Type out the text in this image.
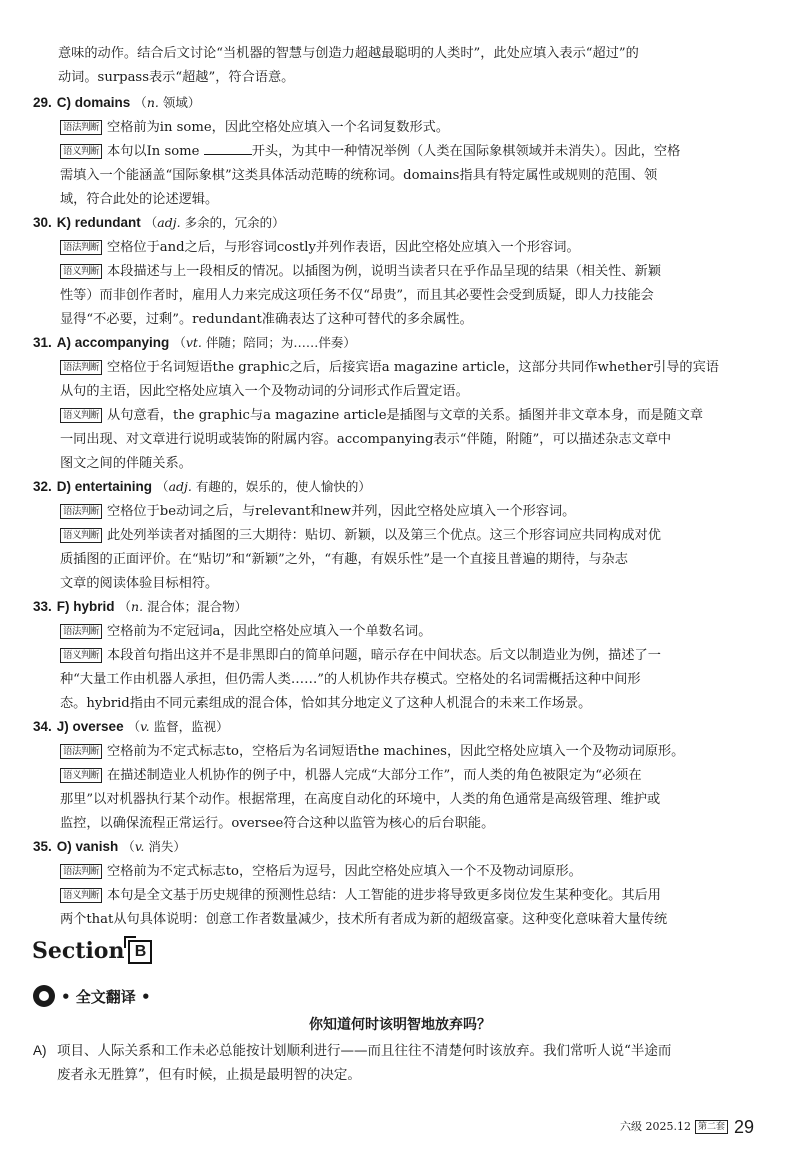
意味的动作。结合后文讨论“当机器的智慧与创造力超越最聪明的人类时”，此处应填入表示“超过”的

动词。surpass表示“超越”，符合语意。

29. C) domains （n. 领域）

语法判断 空格前为in some，因此空格处应填入一个名词复数形式。

语义判断 本句以In some	开头，为其中一种情况举例（人类在国际象棋领域并未消失）。因此，空格

需填入一个能涵盖“国际象棋”这类具体活动范畴的统称词。domains指具有特定属性或规则的范围、领

域，符合此处的论述逻辑。

30. K) redundant （adj. 多余的，冗余的）

语法判断 空格位于and之后，与形容词costly并列作表语，因此空格处应填入一个形容词。

语义判断 本段描述与上一段相反的情况。以插图为例，说明当读者只在乎作品呈现的结果（相关性、新颖

性等）而非创作者时，雇用人力来完成这项任务不仅“昂贵”，而且其必要性会受到质疑，即人力技能会

显得“不必要，过剩”。redundant准确表达了这种可替代的多余属性。

31. A) accompanying （vt. 伴随；陪同；为……伴奏）

语法判断 空格位于名词短语the graphic之后，后接宾语a magazine article，这部分共同作whether引导的宾语

从句的主语，因此空格处应填入一个及物动词的分词形式作后置定语。

语义判断 从句意看，the graphic与a magazine article是插图与文章的关系。插图并非文章本身，而是随文章

一同出现、对文章进行说明或装饰的附属内容。accompanying表示“伴随，附随”，可以描述杂志文章中

图文之间的伴随关系。

32. D) entertaining （adj. 有趣的，娱乐的，使人愉快的）

语法判断 空格位于be动词之后，与relevant和new并列，因此空格处应填入一个形容词。

语义判断 此处列举读者对插图的三大期待：贴切、新颖，以及第三个优点。这三个形容词应共同构成对优

质插图的正面评价。在“贴切”和“新颖”之外，“有趣，有娱乐性”是一个直接且普遍的期待，与杂志

文章的阅读体验目标相符。

33. F) hybrid （n. 混合体；混合物）

语法判断 空格前为不定冠词a，因此空格处应填入一个单数名词。

语义判断 本段首句指出这并不是非黑即白的简单问题，暗示存在中间状态。后文以制造业为例，描述了一

种“大量工作由机器人承担，但仍需人类……”的人机协作共存模式。空格处的名词需概括这种中间形

态。hybrid指由不同元素组成的混合体，恰如其分地定义了这种人机混合的未来工作场景。

34. J) oversee （v. 监督，监视）

语法判断 空格前为不定式标志to，空格后为名词短语the machines，因此空格处应填入一个及物动词原形。

语义判断 在描述制造业人机协作的例子中，机器人完成“大部分工作”，而人类的角色被限定为“必须在

那里”以对机器执行某个动作。根据常理，在高度自动化的环境中，人类的角色通常是高级管理、维护或

监控，以确保流程正常运行。oversee符合这种以监管为核心的后台职能。

35. O) vanish （v. 消失）

语法判断 空格前为不定式标志to，空格后为逗号，因此空格处应填入一个不及物动词原形。

语义判断 本句是全文基于历史规律的预测性总结：人工智能的进步将导致更多岗位发生某种变化。其后用

两个that从句具体说明：创意工作者数量减少，技术所有者成为新的超级富豪。这种变化意味着大量传统

Section B
• 全文翻译 •
你知道何时该明智地放弃吗？
A) 项目、人际关系和工作未必总能按计划顺利进行——而且往往不清楚何时该放弃。我们常听人说“半途而
废者永无胜算”，但有时候，止损是最明智的决定。
六级 2025.12 第二套 29
